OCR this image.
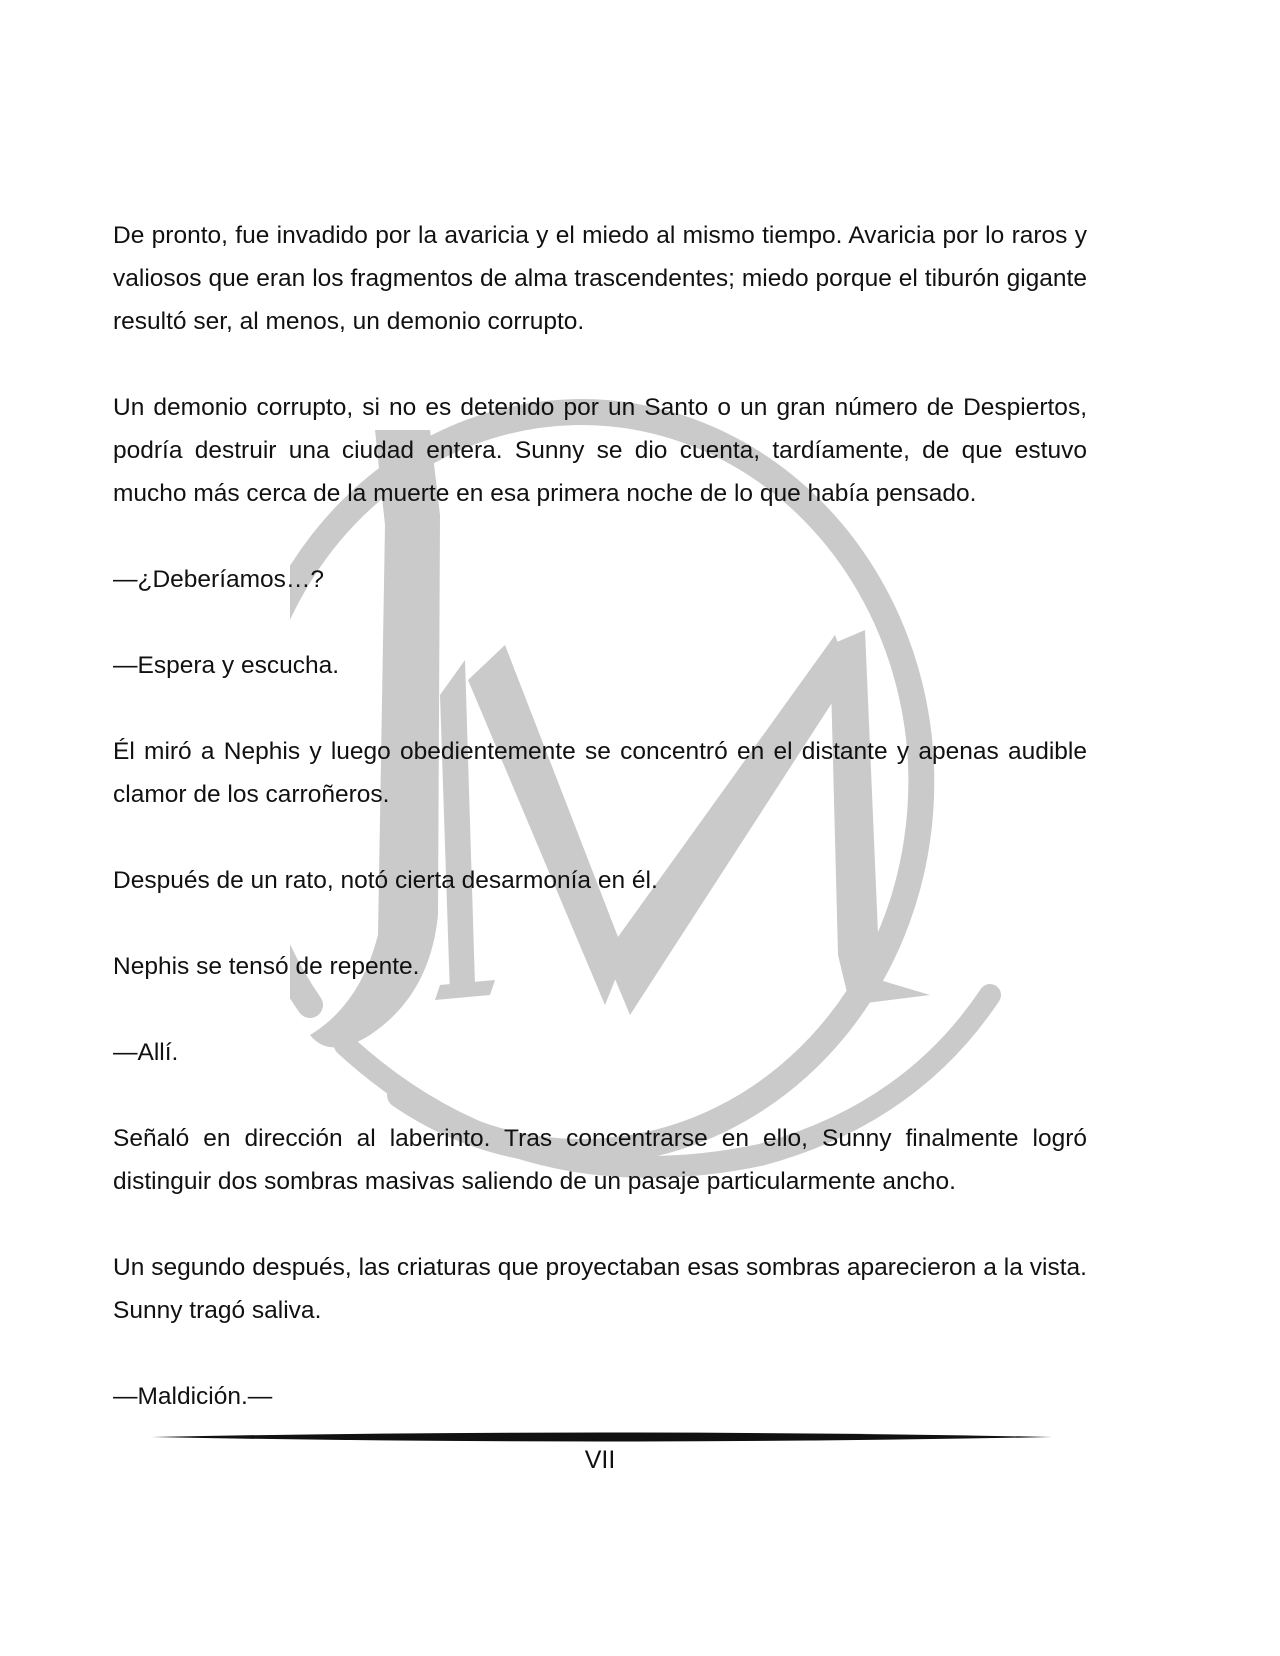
De pronto, fue invadido por la avaricia y el miedo al mismo tiempo. Avaricia por lo raros y valiosos que eran los fragmentos de alma trascendentes; miedo porque el tiburón gigante resultó ser, al menos, un demonio corrupto.

Un demonio corrupto, si no es detenido por un Santo o un gran número de Despiertos, podría destruir una ciudad entera. Sunny se dio cuenta, tardíamente, de que estuvo mucho más cerca de la muerte en esa primera noche de lo que había pensado.

—¿Deberíamos…?

—Espera y escucha.

Él miró a Nephis y luego obedientemente se concentró en el distante y apenas audible clamor de los carroñeros.

Después de un rato, notó cierta desarmonía en él.

Nephis se tensó de repente.

—Allí.

Señaló en dirección al laberinto. Tras concentrarse en ello, Sunny finalmente logró distinguir dos sombras masivas saliendo de un pasaje particularmente ancho.

Un segundo después, las criaturas que proyectaban esas sombras aparecieron a la vista. Sunny tragó saliva.

—Maldición.—

VII
